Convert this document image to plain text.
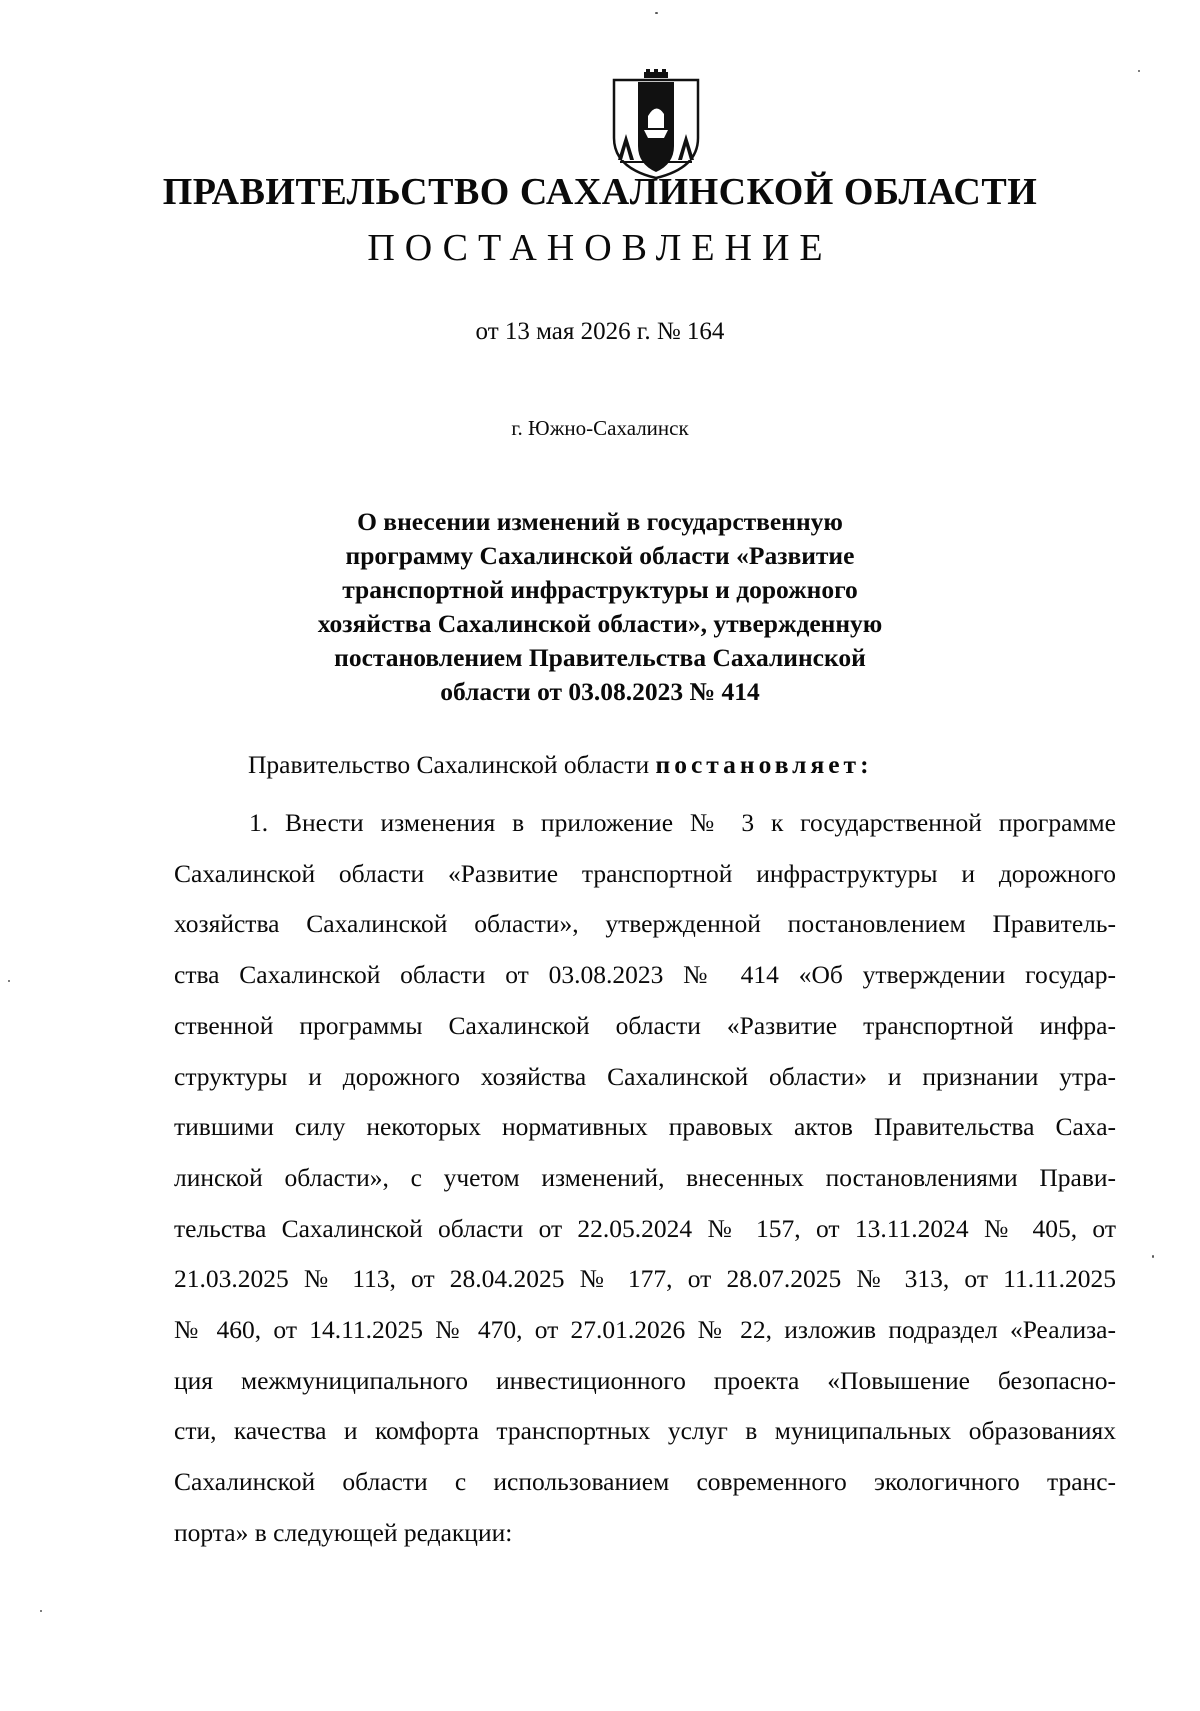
ПРАВИТЕЛЬСТВО САХАЛИНСКОЙ ОБЛАСТИ
ПОСТАНОВЛЕНИЕ
от 13 мая 2026 г. № 164
г. Южно-Сахалинск
О внесении изменений в государственную
программу Сахалинской области «Развитие
транспортной инфраструктуры и дорожного
хозяйства Сахалинской области», утвержденную
постановлением Правительства Сахалинской
области от 03.08.2023 № 414
Правительство Сахалинской области постановляет:
1. Внести изменения в приложение № 3 к государственной программе
Сахалинской области «Развитие транспортной инфраструктуры и дорожного
хозяйства Сахалинской области», утвержденной постановлением Правитель-
ства Сахалинской области от 03.08.2023 № 414 «Об утверждении государ-
ственной программы Сахалинской области «Развитие транспортной инфра-
структуры и дорожного хозяйства Сахалинской области» и признании утра-
тившими силу некоторых нормативных правовых актов Правительства Саха-
линской области», с учетом изменений, внесенных постановлениями Прави-
тельства Сахалинской области от 22.05.2024 № 157, от 13.11.2024 № 405, от
21.03.2025 № 113, от 28.04.2025 № 177, от 28.07.2025 № 313, от 11.11.2025
№ 460, от 14.11.2025 № 470, от 27.01.2026 № 22, изложив подраздел «Реализа-
ция межмуниципального инвестиционного проекта «Повышение безопасно-
сти, качества и комфорта транспортных услуг в муниципальных образованиях
Сахалинской области с использованием современного экологичного транс-
порта» в следующей редакции:
